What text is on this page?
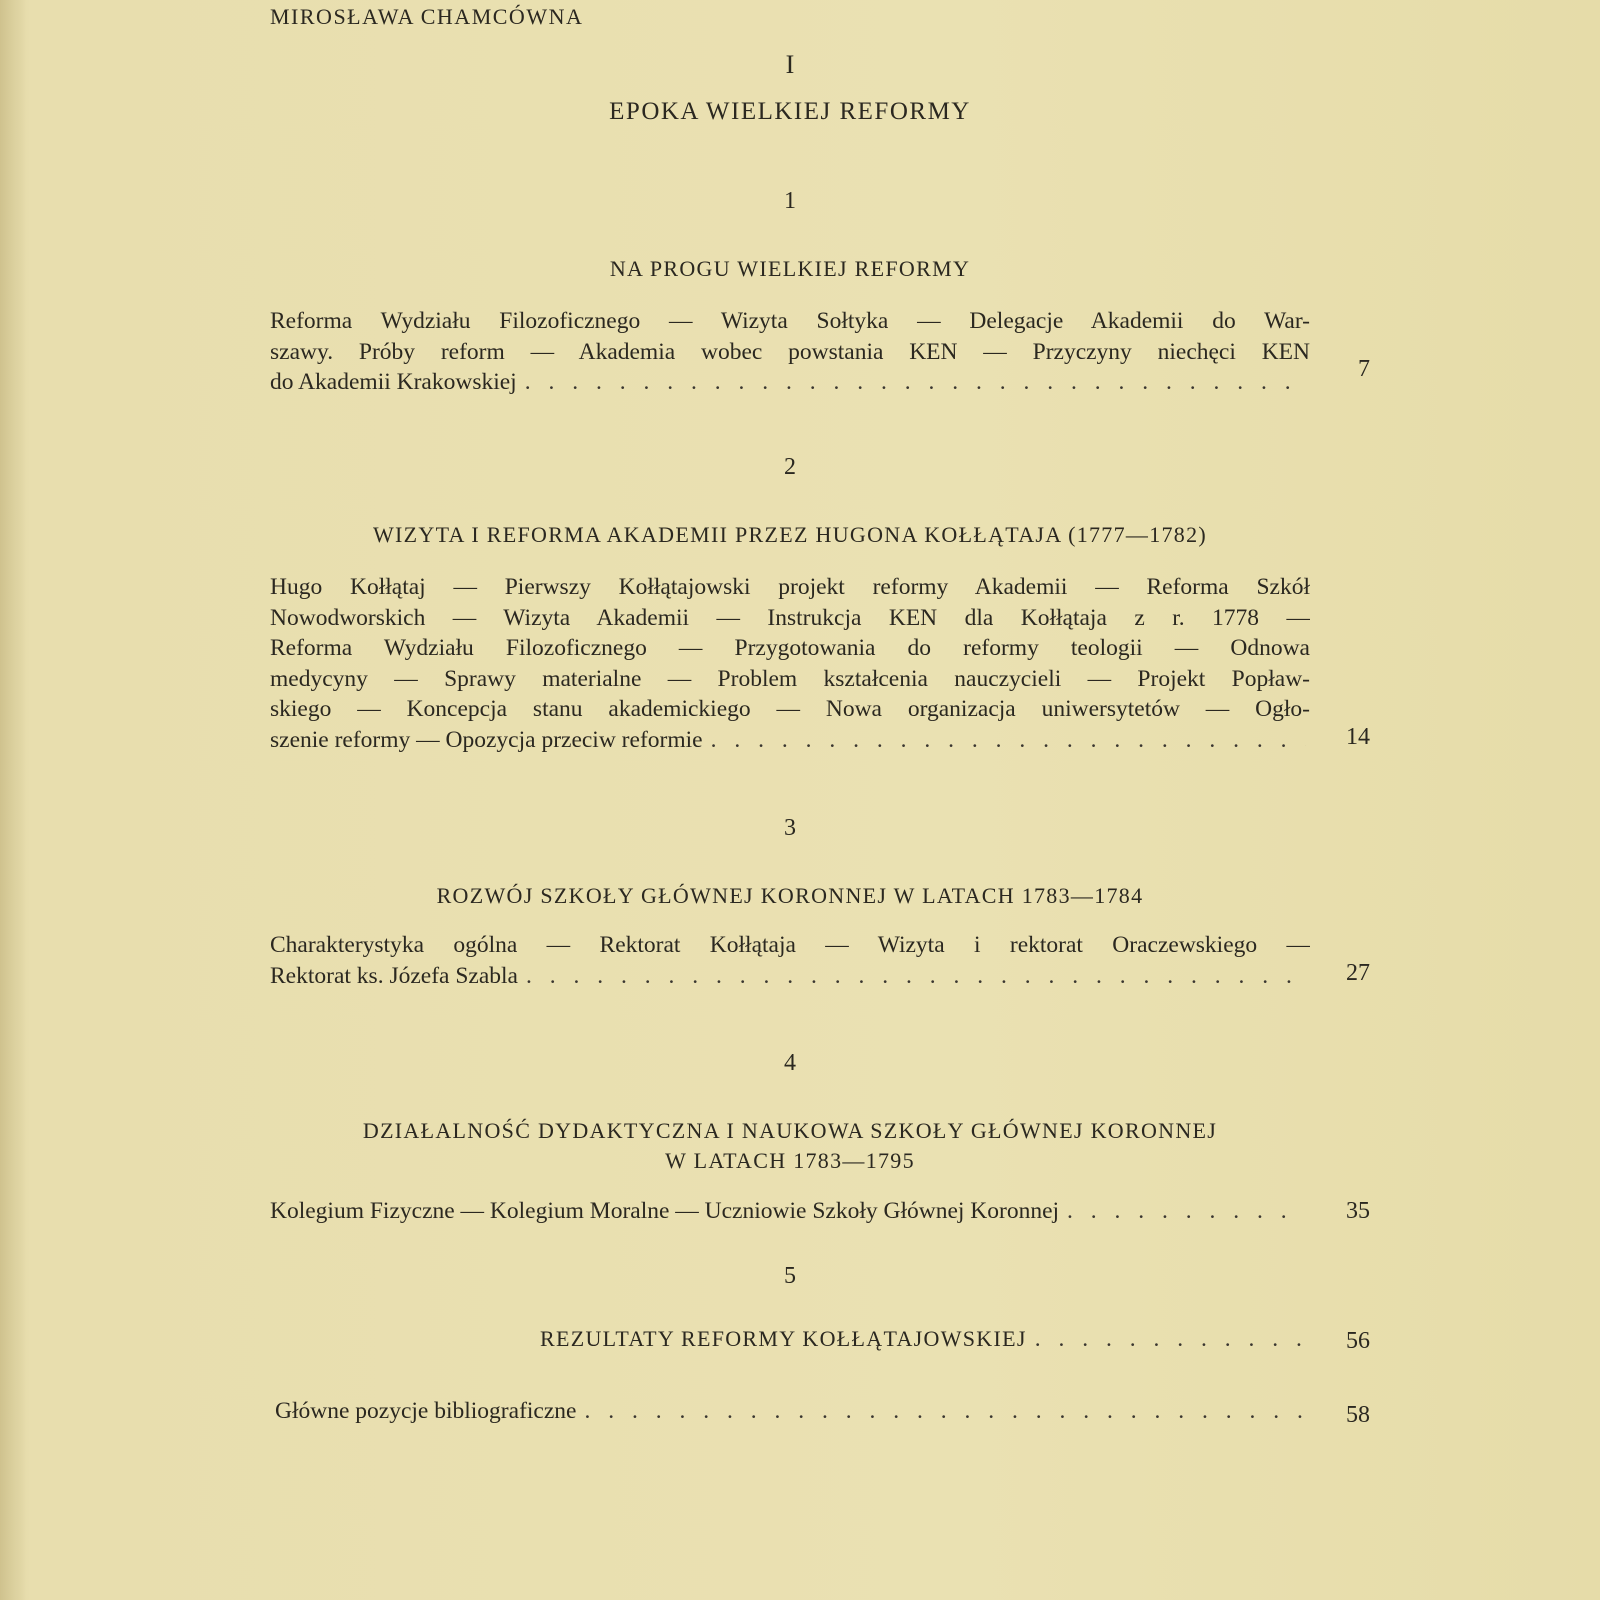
MIROSŁAWA CHAMCÓWNA
I
EPOKA WIELKIEJ REFORMY
1
NA PROGU WIELKIEJ REFORMY
Reforma Wydziału Filozoficznego — Wizyta Sołtyka — Delegacje Akademii do War-
szawy. Próby reform — Akademia wobec powstania KEN — Przyczyny niechęci KEN
do Akademii Krakowskiej . . .	7
2
WIZYTA I REFORMA AKADEMII PRZEZ HUGONA KOŁŁĄTAJA (1777—1782)
Hugo Kołłątaj — Pierwszy Kołłątajowski projekt reformy Akademii — Reforma Szkół
Nowodworskich — Wizyta Akademii — Instrukcja KEN dla Kołłątaja z r. 1778 —
Reforma Wydziału Filozoficznego — Przygotowania do reformy teologii — Odnowa
medycyny — Sprawy materialne — Problem kształcenia nauczycieli — Projekt Popław-
skiego — Koncepcja stanu akademickiego — Nowa organizacja uniwersytetów — Ogło-
szenie reformy — Opozycja przeciw reformie . . .	14
3
ROZWÓJ SZKOŁY GŁÓWNEJ KORONNEJ W LATACH 1783—1784
Charakterystyka ogólna — Rektorat Kołłątaja — Wizyta i rektorat Oraczewskiego —
Rektorat ks. Józefa Szabla . . .	27
4
DZIAŁALNOŚĆ DYDAKTYCZNA I NAUKOWA SZKOŁY GŁÓWNEJ KORONNEJ
W LATACH 1783—1795
Kolegium Fizyczne — Kolegium Moralne — Uczniowie Szkoły Głównej Koronnej . . .	35
5
REZULTATY REFORMY KOŁŁĄTAJOWSKIEJ . . .	56
Główne pozycje bibliograficzne . . .	58
